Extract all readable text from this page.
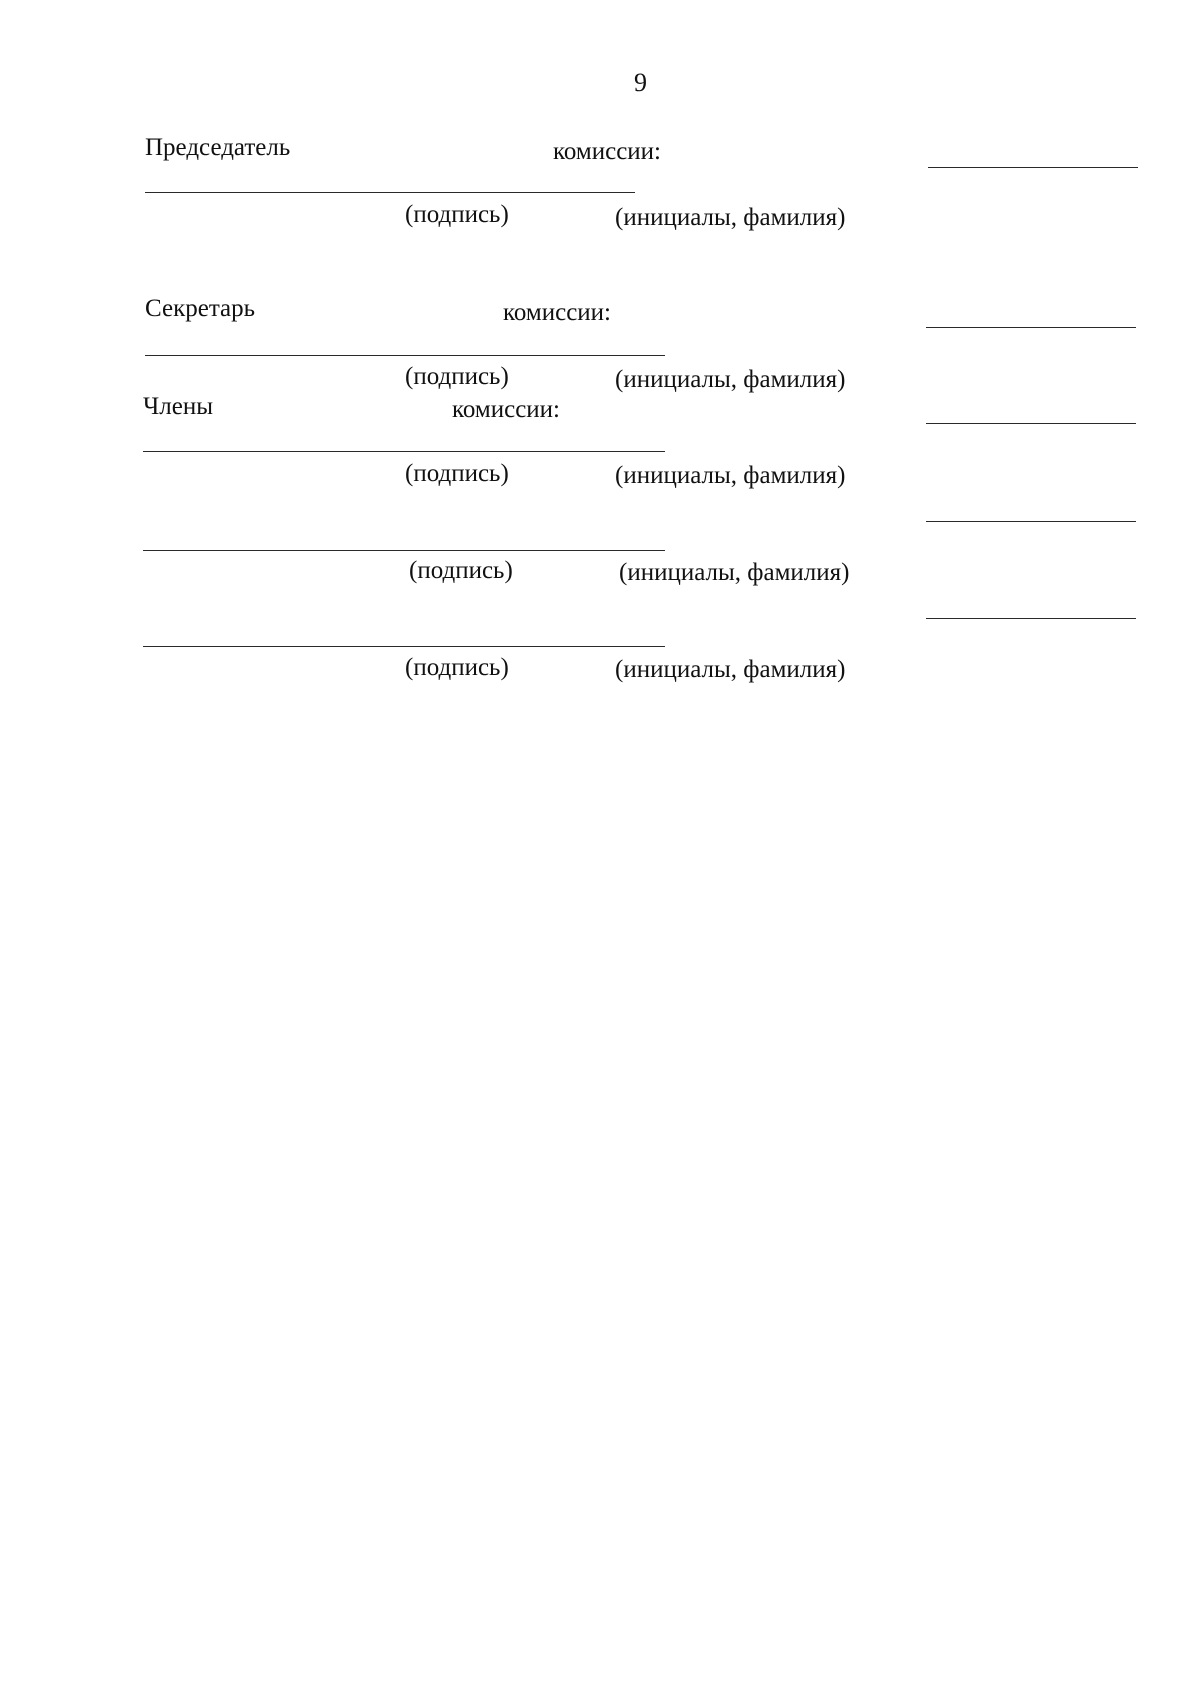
9
Председатель	комиссии:
(подпись)	(инициалы, фамилия)
Секретарь	комиссии:
(подпись)	(инициалы, фамилия)
Члены	комиссии:
(подпись)	(инициалы, фамилия)
(подпись)	(инициалы, фамилия)
(подпись)	(инициалы, фамилия)
